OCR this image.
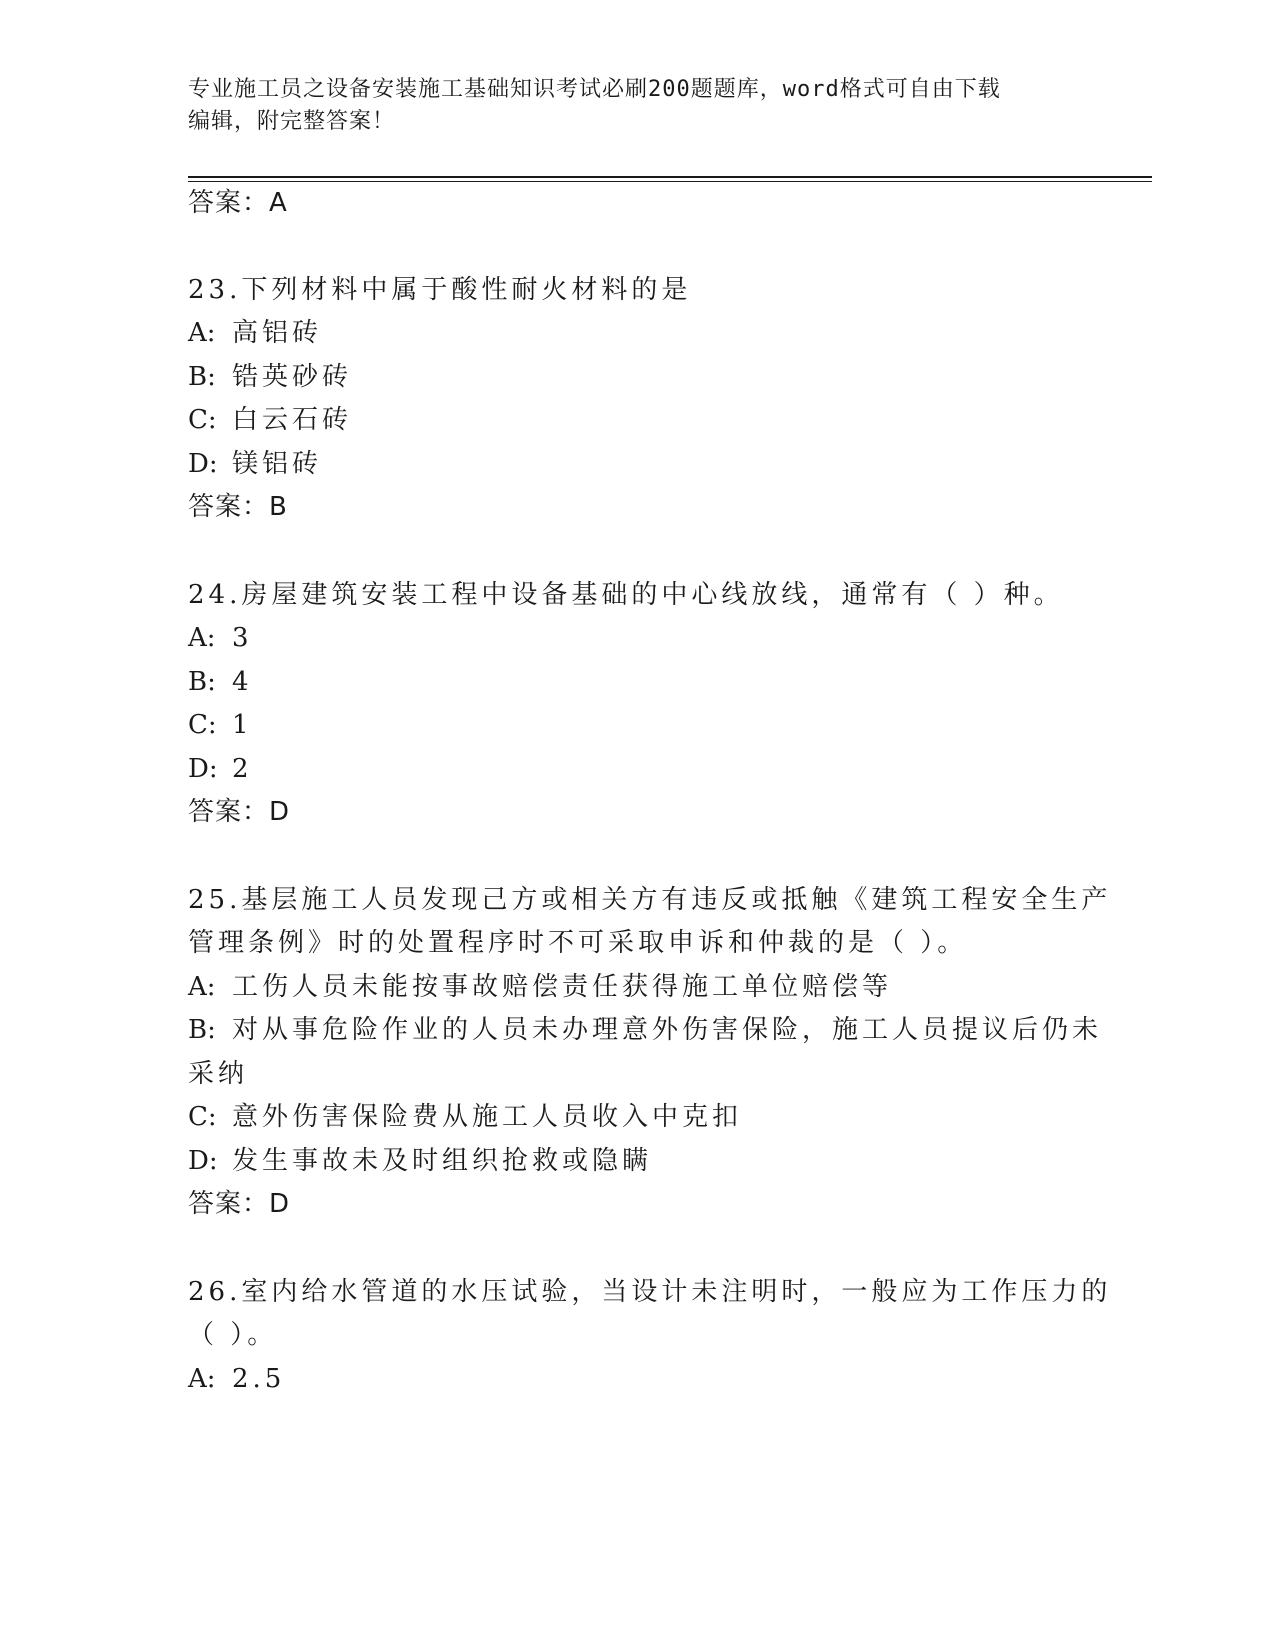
专业施工员之设备安装施工基础知识考试必刷200题题库，word格式可自由下载
编辑，附完整答案！
答案：A
23.下列材料中属于酸性耐火材料的是
A: 高铝砖
B: 锆英砂砖
C: 白云石砖
D: 镁铝砖
答案：B
24.房屋建筑安装工程中设备基础的中心线放线，通常有（ ）种。
A: 3
B: 4
C: 1
D: 2
答案：D
25.基层施工人员发现己方或相关方有违反或抵触《建筑工程安全生产
管理条例》时的处置程序时不可采取申诉和仲裁的是（ ）。
A: 工伤人员未能按事故赔偿责任获得施工单位赔偿等
B: 对从事危险作业的人员未办理意外伤害保险，施工人员提议后仍未
采纳
C: 意外伤害保险费从施工人员收入中克扣
D: 发生事故未及时组织抢救或隐瞒
答案：D
26.室内给水管道的水压试验，当设计未注明时，一般应为工作压力的
（ ）。
A: 2.5
